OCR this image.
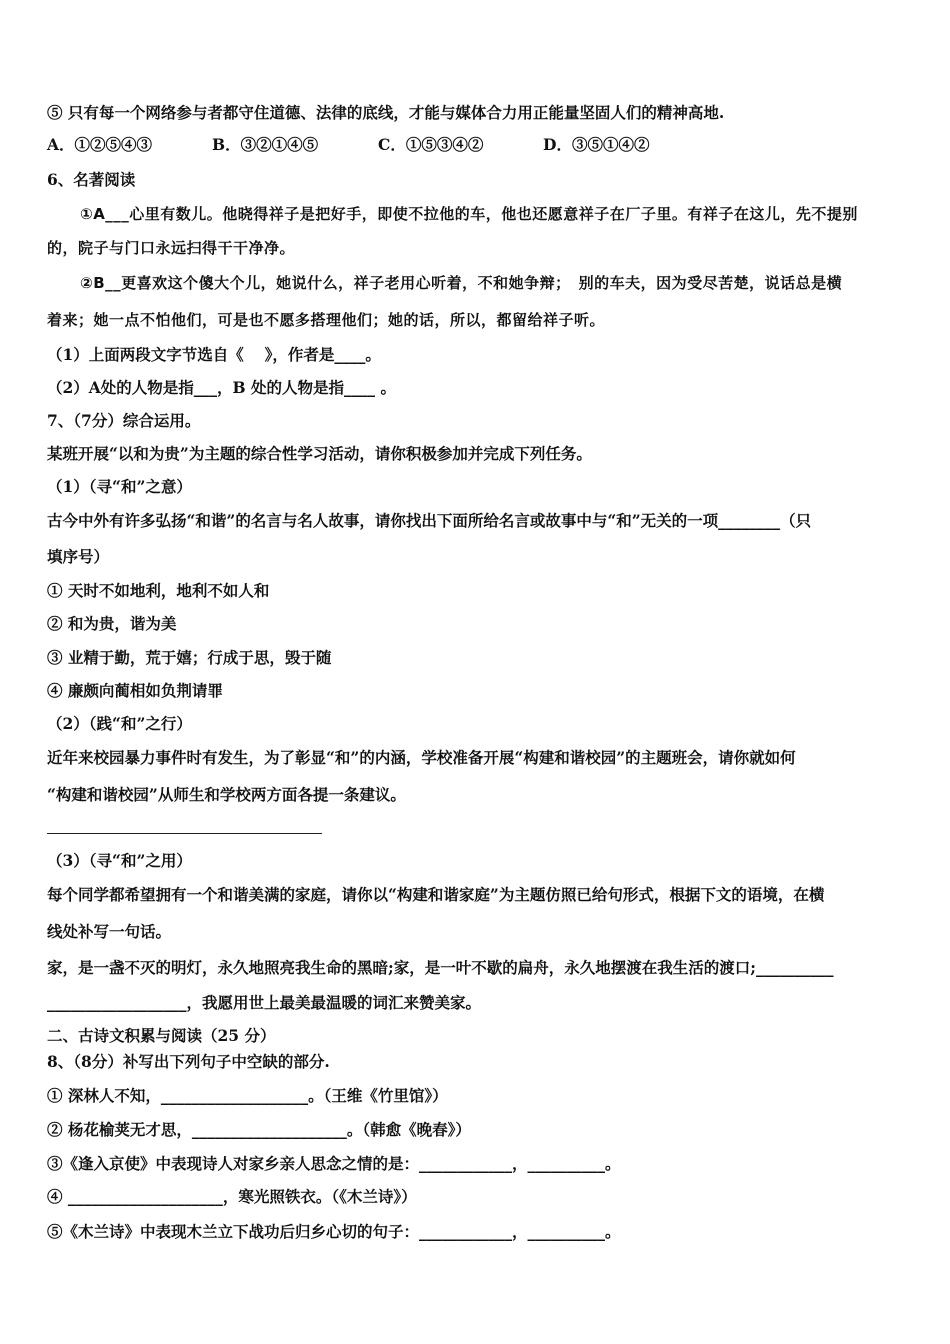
⑤ 只有每一个网络参与者都守住道德、法律的底线，才能与媒体合力用正能量坚固人们的精神高地.
A．①②⑤④③	B．③②①④⑤	C．①⑤③④②	D．③⑤①④②
6、名著阅读
①A___心里有数儿。他晓得祥子是把好手，即使不拉他的车，他也还愿意祥子在厂子里。有祥子在这儿，先不提别
的，院子与门口永远扫得干干净净。
②B__更喜欢这个傻大个儿，她说什么，祥子老用心听着，不和她争辩；　别的车夫，因为受尽苦楚，说话总是横
着来；她一点不怕他们，可是也不愿多搭理他们；她的话，所以，都留给祥子听。
（1）上面两段文字节选自《　 》，作者是____。
（2）A处的人物是指___，B 处的人物是指____ 。
7、（7分）综合运用。
某班开展“以和为贵”为主题的综合性学习活动，请你积极参加并完成下列任务。
（1）（寻“和”之意）
古今中外有许多弘扬“和谐”的名言与名人故事，请你找出下面所给名言或故事中与“和”无关的一项________（只
填序号）
① 天时不如地利，地利不如人和
② 和为贵，谐为美
③ 业精于勤，荒于嬉；行成于思，毁于随
④ 廉颇向蔺相如负荆请罪
（2）（践“和”之行）
近年来校园暴力事件时有发生，为了彰显“和”的内涵，学校准备开展“构建和谐校园”的主题班会，请你就如何
“构建和谐校园”从师生和学校两方面各提一条建议。
（3）（寻“和”之用）
每个同学都希望拥有一个和谐美满的家庭，请你以“构建和谐家庭”为主题仿照已给句形式，根据下文的语境，在横
线处补写一句话。
家，是一盏不灭的明灯，永久地照亮我生命的黑暗;家，是一叶不歇的扁舟，永久地摆渡在我生活的渡口;__________
__________________，我愿用世上最美最温暖的词汇来赞美家。
二、古诗文积累与阅读（25 分）
8、（8分）补写出下列句子中空缺的部分.
① 深林人不知，___________________。（王维《竹里馆》）
② 杨花榆荚无才思，____________________。（韩愈《晚春》）
③《逢入京使》中表现诗人对家乡亲人思念之情的是：____________，__________。
④ ____________________，寒光照铁衣。（《木兰诗》）
⑤《木兰诗》中表现木兰立下战功后归乡心切的句子：____________，__________。
